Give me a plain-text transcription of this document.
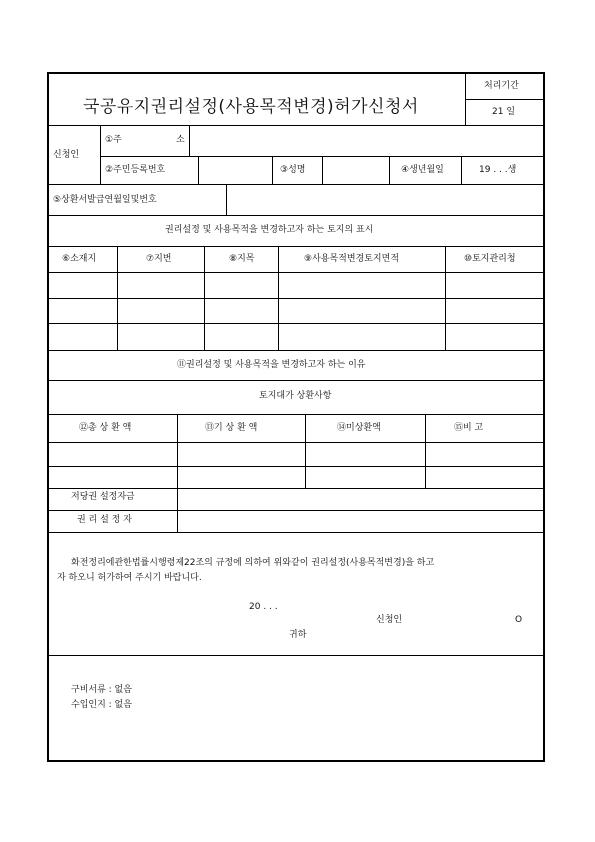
국공유지권리설정(사용목적변경)허가신청서
처리기간
21 일
신청인
①주	소
②주민등록번호	③성명	④생년월일	19 . . .생
⑤상환서발급연월일및번호
권리설정 및 사용목적을 변경하고자 하는 토지의 표시
⑥소재지	⑦지번	⑧지목	⑨사용목적변경토지면적	⑩토지관리청
⑪권리설정 및 사용목적을 변경하고자 하는 이유
토지대가 상환사항
⑫총 상 환 액	⑬기 상 환 액	⑭미상환액	⑮비 고
저당권 설정자금
권 리 설 정 자
화전정리에관한법률시행령제22조의 규정에 의하여 위와같이 권리설정(사용목적변경)을 하고
자 하오니 허가하여 주시기 바랍니다.
20 . . .
신청인	O
귀하
구비서류 : 없음
수입인지 : 없음
